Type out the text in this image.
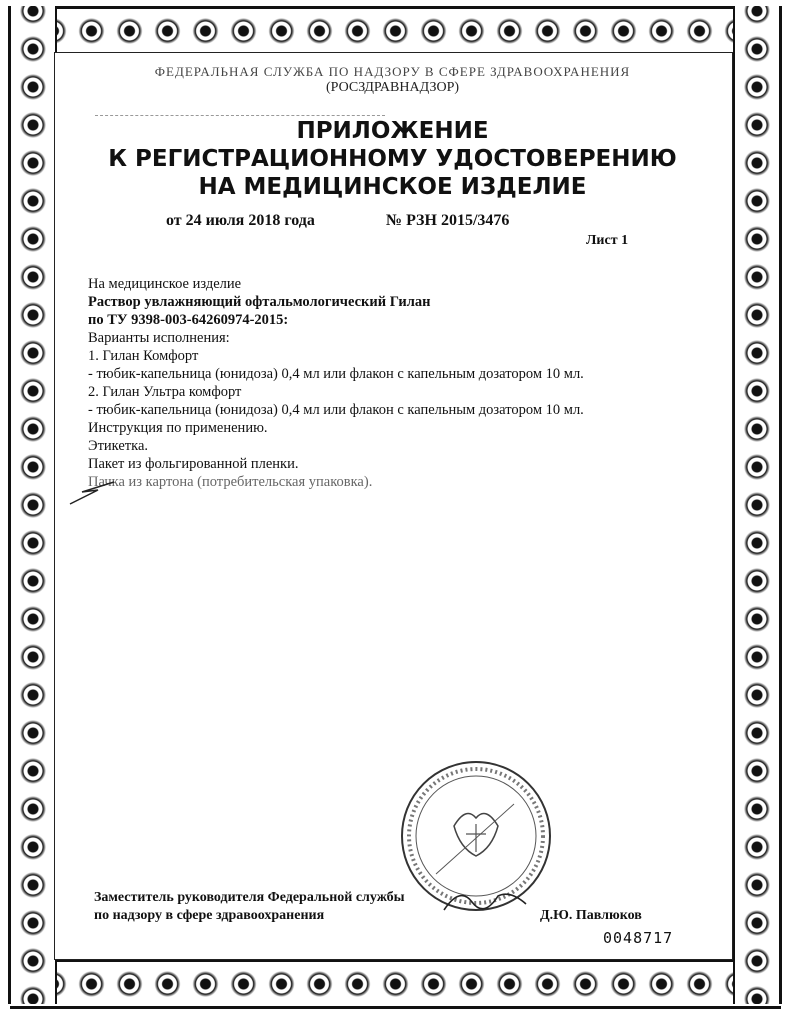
ФЕДЕРАЛЬНАЯ СЛУЖБА ПО НАДЗОРУ В СФЕРЕ ЗДРАВООХРАНЕНИЯ
(РОСЗДРАВНАДЗОР)
ПРИЛОЖЕНИЕ
К РЕГИСТРАЦИОННОМУ УДОСТОВЕРЕНИЮ
НА МЕДИЦИНСКОЕ ИЗДЕЛИЕ
от 24 июля 2018 года	№ РЗН 2015/3476
Лист 1
На медицинское изделие
Раствор увлажняющий офтальмологический Гилан
по ТУ 9398-003-64260974-2015:
Варианты исполнения:
1. Гилан Комфорт
- тюбик-капельница (юнидоза) 0,4 мл или флакон с капельным дозатором 10 мл.
2. Гилан Ультра комфорт
- тюбик-капельница (юнидоза) 0,4 мл или флакон с капельным дозатором 10 мл.
Инструкция по применению.
Этикетка.
Пакет из фольгированной пленки.
Пачка из картона (потребительская упаковка).
Заместитель руководителя Федеральной службы
по надзору в сфере здравоохранения	Д.Ю. Павлюков
0048717
